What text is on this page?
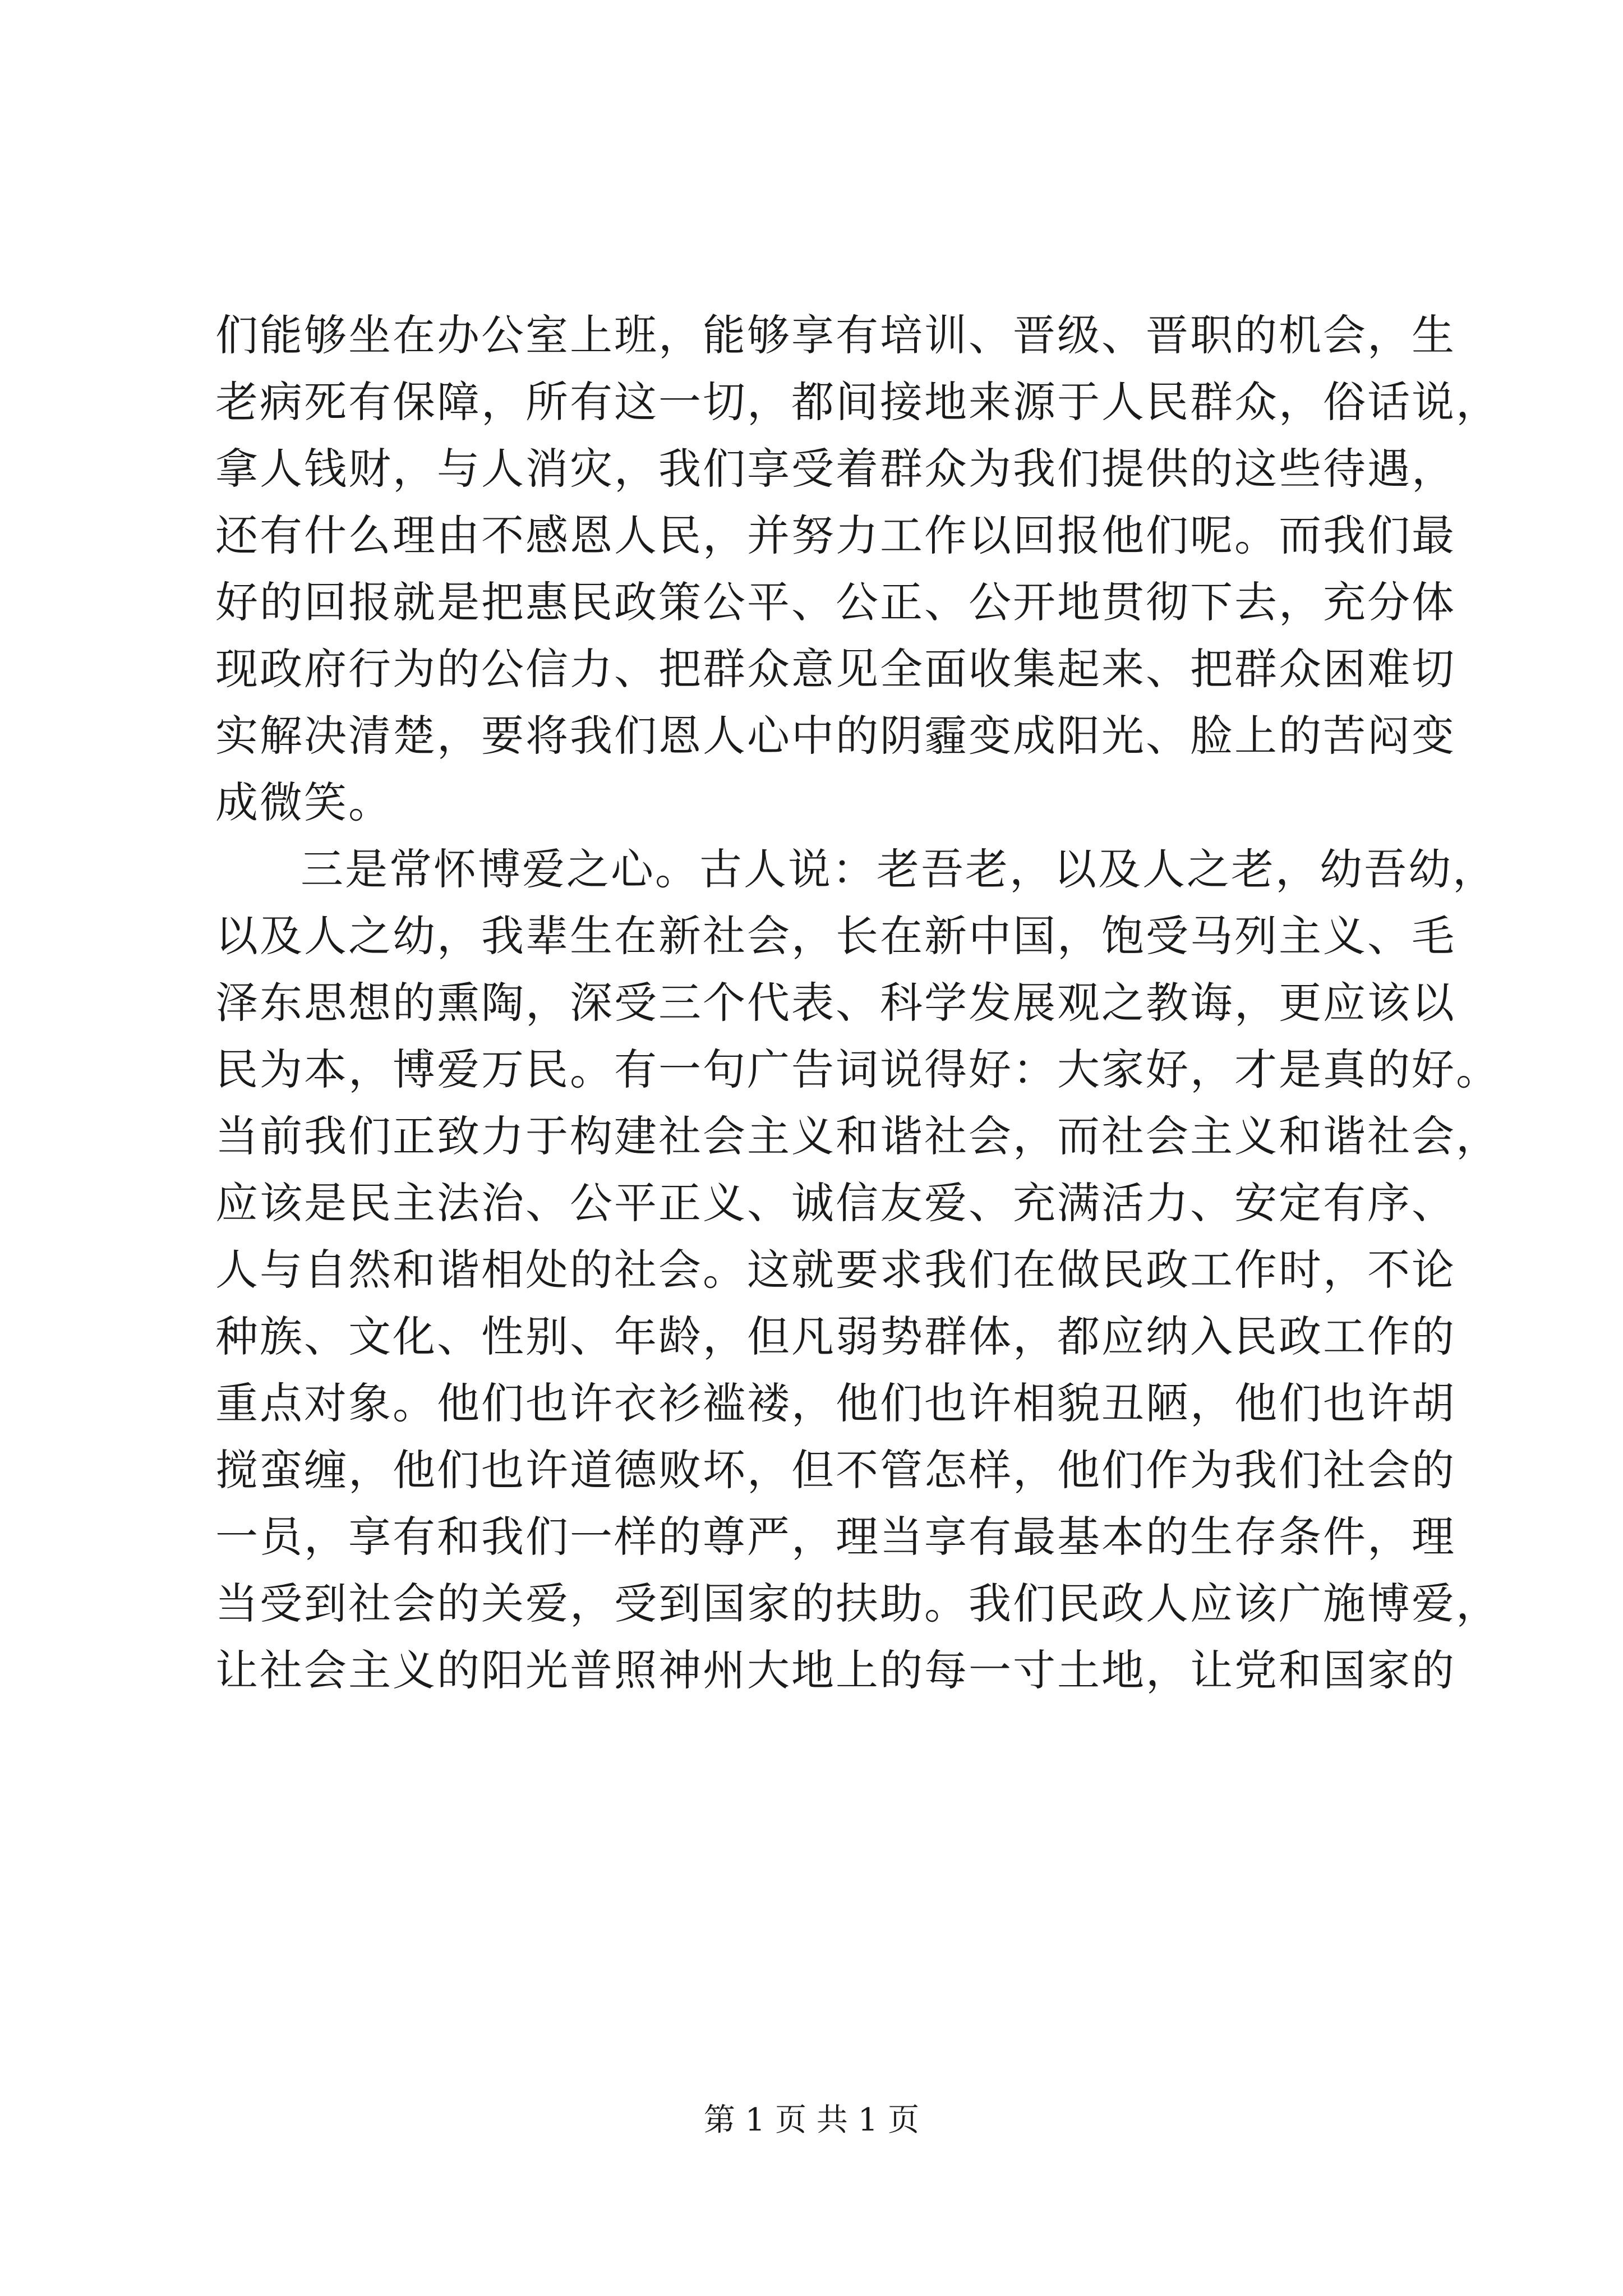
们能够坐在办公室上班，能够享有培训、晋级、晋职的机会，生
老病死有保障，所有这一切，都间接地来源于人民群众，俗话说，
拿人钱财，与人消灾，我们享受着群众为我们提供的这些待遇，
还有什么理由不感恩人民，并努力工作以回报他们呢。而我们最
好的回报就是把惠民政策公平、公正、公开地贯彻下去，充分体
现政府行为的公信力、把群众意见全面收集起来、把群众困难切
实解决清楚，要将我们恩人心中的阴霾变成阳光、脸上的苦闷变
成微笑。
三是常怀博爱之心。古人说：老吾老，以及人之老，幼吾幼，
以及人之幼，我辈生在新社会，长在新中国，饱受马列主义、毛
泽东思想的熏陶，深受三个代表、科学发展观之教诲，更应该以
民为本，博爱万民。有一句广告词说得好：大家好，才是真的好。
当前我们正致力于构建社会主义和谐社会，而社会主义和谐社会，
应该是民主法治、公平正义、诚信友爱、充满活力、安定有序、
人与自然和谐相处的社会。这就要求我们在做民政工作时，不论
种族、文化、性别、年龄，但凡弱势群体，都应纳入民政工作的
重点对象。他们也许衣衫褴褛，他们也许相貌丑陋，他们也许胡
搅蛮缠，他们也许道德败坏，但不管怎样，他们作为我们社会的
一员，享有和我们一样的尊严，理当享有最基本的生存条件，理
当受到社会的关爱，受到国家的扶助。我们民政人应该广施博爱，
让社会主义的阳光普照神州大地上的每一寸土地，让党和国家的
第 1 页 共 1 页
